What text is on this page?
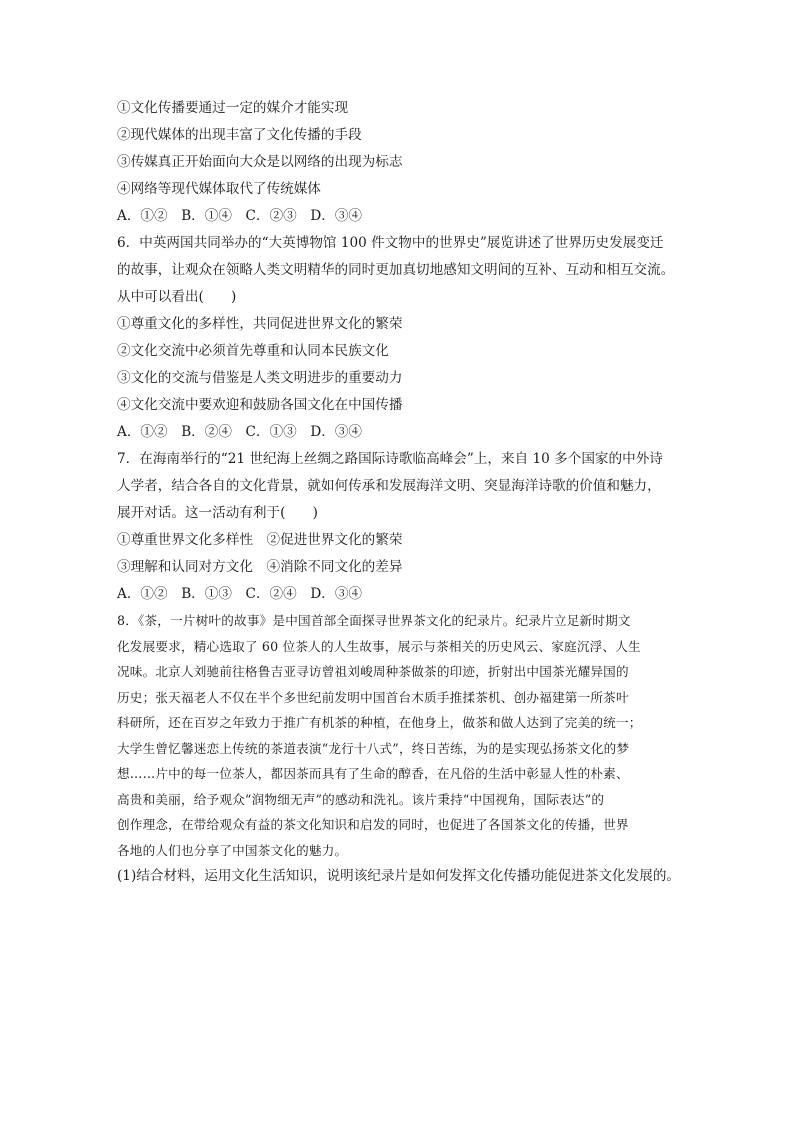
①文化传播要通过一定的媒介才能实现
②现代媒体的出现丰富了文化传播的手段
③传媒真正开始面向大众是以网络的出现为标志
④网络等现代媒体取代了传统媒体
A．①②　B．①④　C．②③　D．③④
6．中英两国共同举办的“大英博物馆 100 件文物中的世界史”展览讲述了世界历史发展变迁
的故事，让观众在领略人类文明精华的同时更加真切地感知文明间的互补、互动和相互交流。
从中可以看出(　　)
①尊重文化的多样性，共同促进世界文化的繁荣
②文化交流中必须首先尊重和认同本民族文化
③文化的交流与借鉴是人类文明进步的重要动力
④文化交流中要欢迎和鼓励各国文化在中国传播
A．①②　B．②④　C．①③　D．③④
7．在海南举行的“21 世纪海上丝绸之路国际诗歌临高峰会”上，来自 10 多个国家的中外诗
人学者，结合各自的文化背景，就如何传承和发展海洋文明、突显海洋诗歌的价值和魅力，
展开对话。这一活动有利于(　　)
①尊重世界文化多样性　②促进世界文化的繁荣
③理解和认同对方文化　④消除不同文化的差异
A．①②　B．①③　C．②④　D．③④
8．《茶，一片树叶的故事》是中国首部全面探寻世界茶文化的纪录片。纪录片立足新时期文
化发展要求，精心选取了 60 位茶人的人生故事，展示与茶相关的历史风云、家庭沉浮、人生
况味。北京人刘驰前往格鲁吉亚寻访曾祖刘峻周种茶做茶的印迹，折射出中国茶光耀异国的
历史；张天福老人不仅在半个多世纪前发明中国首台木质手推揉茶机、创办福建第一所茶叶
科研所，还在百岁之年致力于推广有机茶的种植，在他身上，做茶和做人达到了完美的统一；
大学生曾忆馨迷恋上传统的茶道表演“龙行十八式”，终日苦练，为的是实现弘扬茶文化的梦
想……片中的每一位茶人，都因茶而具有了生命的醇香，在凡俗的生活中彰显人性的朴素、
高贵和美丽，给予观众“润物细无声”的感动和洗礼。该片秉持“中国视角，国际表达”的
创作理念，在带给观众有益的茶文化知识和启发的同时，也促进了各国茶文化的传播，世界
各地的人们也分享了中国茶文化的魅力。
(1)结合材料，运用文化生活知识，说明该纪录片是如何发挥文化传播功能促进茶文化发展的。
